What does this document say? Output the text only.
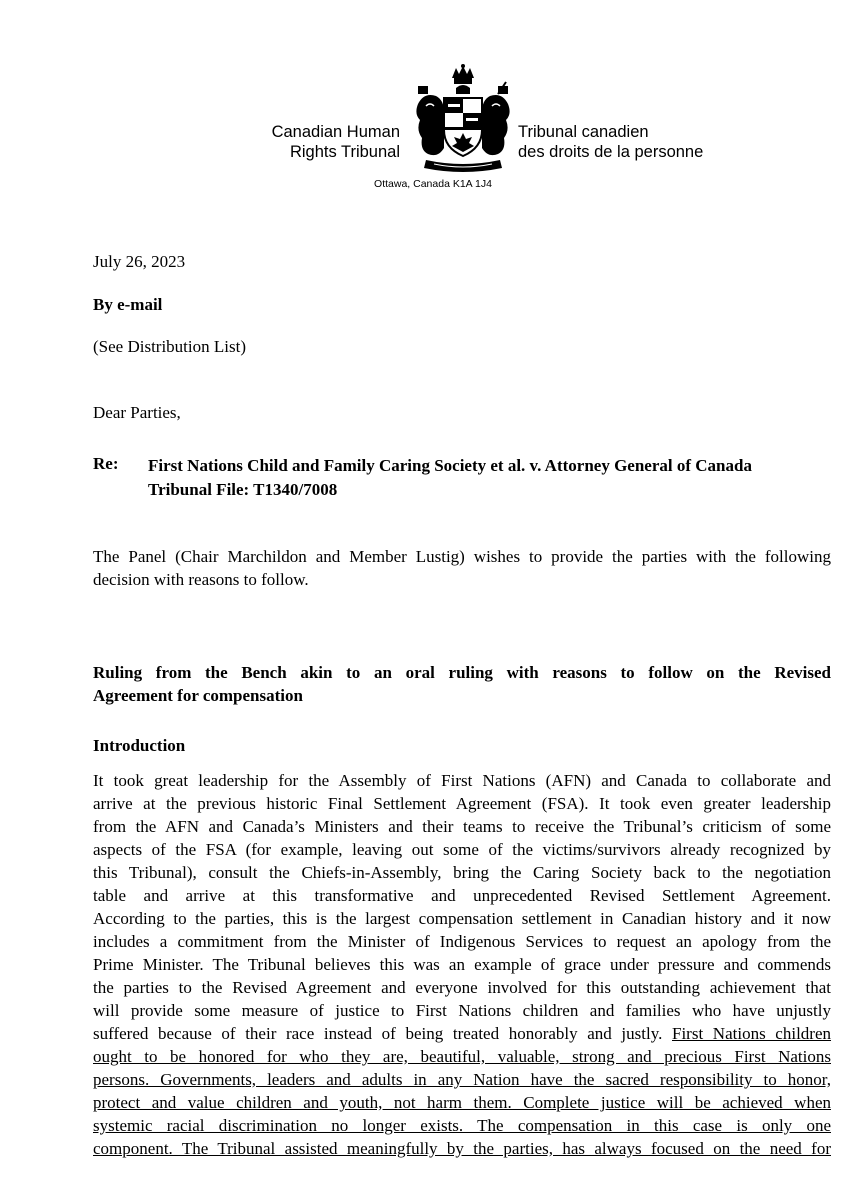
Canadian Human
Rights Tribunal
Tribunal canadien
des droits de la personne
Ottawa, Canada K1A 1J4
July 26, 2023
By e-mail
(See Distribution List)
Dear Parties,
Re: First Nations Child and Family Caring Society et al. v. Attorney General of Canada
Tribunal File: T1340/7008
The Panel (Chair Marchildon and Member Lustig) wishes to provide the parties with the following
decision with reasons to follow.
Ruling from the Bench akin to an oral ruling with reasons to follow on the Revised
Agreement for compensation
Introduction
It took great leadership for the Assembly of First Nations (AFN) and Canada to collaborate and
arrive at the previous historic Final Settlement Agreement (FSA). It took even greater leadership
from the AFN and Canada’s Ministers and their teams to receive the Tribunal’s criticism of some
aspects of the FSA (for example, leaving out some of the victims/survivors already recognized by
this Tribunal), consult the Chiefs-in-Assembly, bring the Caring Society back to the negotiation
table and arrive at this transformative and unprecedented Revised Settlement Agreement.
According to the parties, this is the largest compensation settlement in Canadian history and it now
includes a commitment from the Minister of Indigenous Services to request an apology from the
Prime Minister. The Tribunal believes this was an example of grace under pressure and commends
the parties to the Revised Agreement and everyone involved for this outstanding achievement that
will provide some measure of justice to First Nations children and families who have unjustly
suffered because of their race instead of being treated honorably and justly. First Nations children
ought to be honored for who they are, beautiful, valuable, strong and precious First Nations
persons. Governments, leaders and adults in any Nation have the sacred responsibility to honor,
protect and value children and youth, not harm them. Complete justice will be achieved when
systemic racial discrimination no longer exists. The compensation in this case is only one
component. The Tribunal assisted meaningfully by the parties, has always focused on the need for
